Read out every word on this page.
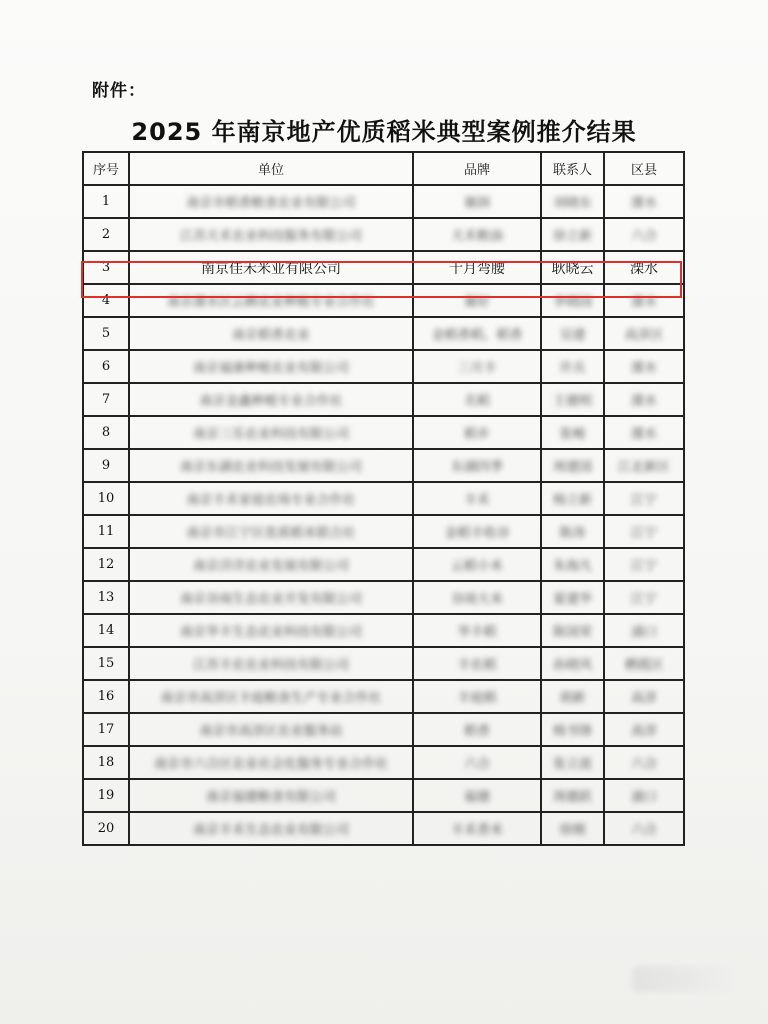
附件：
2025 年南京地产优质稻米典型案例推介结果
序号	单位	品牌	联系人	区县
1	南京市稻香粮食农业有限公司	谢润	刘晓东	溧水
2	江苏天禾农业科技服务有限公司	天禾粮油	徐立新	六合
3	南京佳禾米业有限公司	十月弯腰	耿晓云	溧水
4	南京溧水区云鹤农业种植专业合作社	谢好	李晓园	溧水
5	南京稻香农业	金稻香稻、稻香	吴建	高淳区
6	南京福康种植农业有限公司	三月丰	许兵	溧水
7	南京金鑫种植专业合作社	名稻	王德明	溧水
8	南京三乐农业科技有限公司	稻乡	张峻	溧水
9	南京东湖农业科技发展有限公司	东湖四季	周建国	江北新区
10	南京丰禾家庭农场专业合作社	丰禾	杨立新	江宁
11	南京市江宁区优质稻米联合社	金稻丰收谷	陈涛	江宁
12	南京洋洋农业发展有限公司	云稻小米	朱海凡	江宁
13	南京谷雨生态农业开发有限公司	谷雨大米	夏建华	江宁
14	南京华丰生态农业科技有限公司	华丰稻	陈国荣	浦口
15	江苏丰农农业科技有限公司	丰农稻	孙晓风	栖霞区
16	南京市高淳区丰庭粮食生产专业合作社	丰庭稻	胡新	高淳
17	南京市高淳区农业服务站	稻香	杨书锋	高淳
18	南京市六合区农业社会化服务专业合作社	六合	张立波	六合
19	南京福德粮食有限公司	福德	周德跃	浦口
20	南京丰禾生态农业有限公司	丰禾香米	徐刚	六合
